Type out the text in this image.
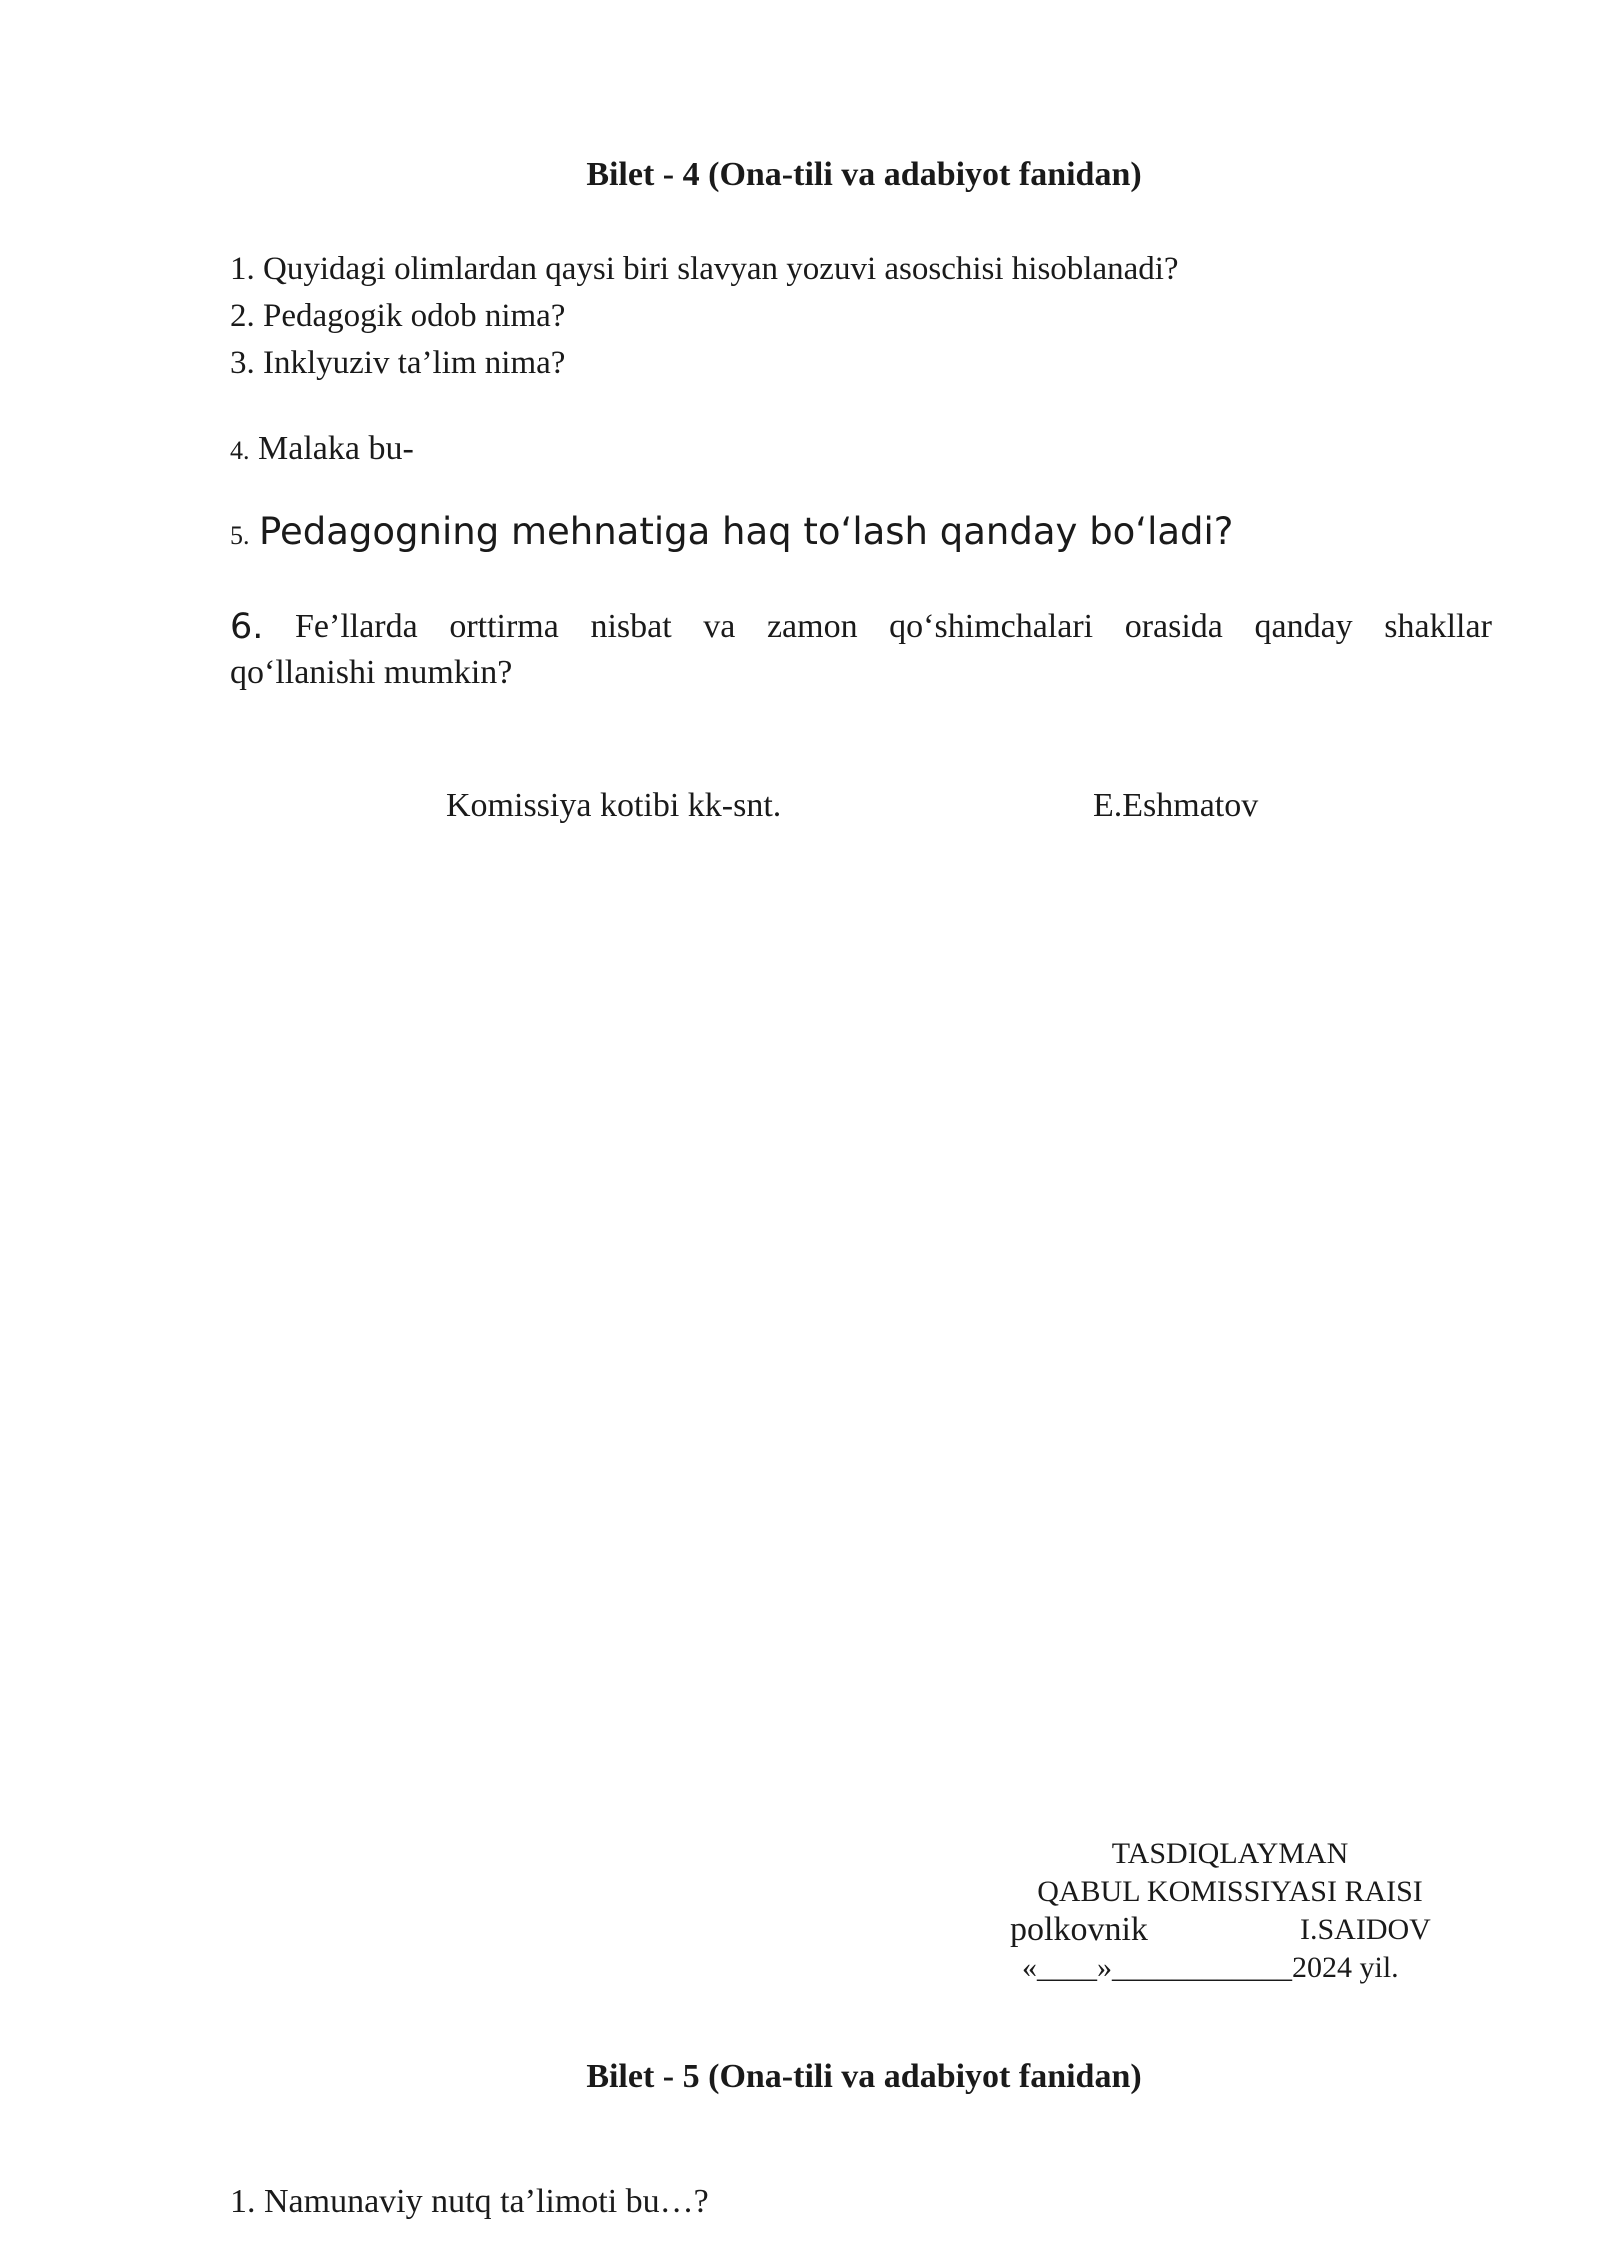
Bilet - 4 (Ona-tili va adabiyot fanidan)

1. Quyidagi olimlardan qaysi biri slavyan yozuvi asoschisi hisoblanadi?

2. Pedagogik odob nima?

3. Inklyuziv ta’lim nima?

4. Malaka bu-

5. Pedagogning mehnatiga haq to‘lash qanday bo‘ladi?

6. Fe’llarda orttirma nisbat va zamon qo‘shimchalari orasida qanday shakllar
qo‘llanishi mumkin?
Komissiya kotibi kk-snt.	E.Eshmatov
TASDIQLAYMAN
QABUL KOMISSIYASI RAISI
polkovnik	I.SAIDOV
«____»____________2024 yil.
Bilet - 5 (Ona-tili va adabiyot fanidan)

1. Namunaviy nutq ta’limoti bu…?
